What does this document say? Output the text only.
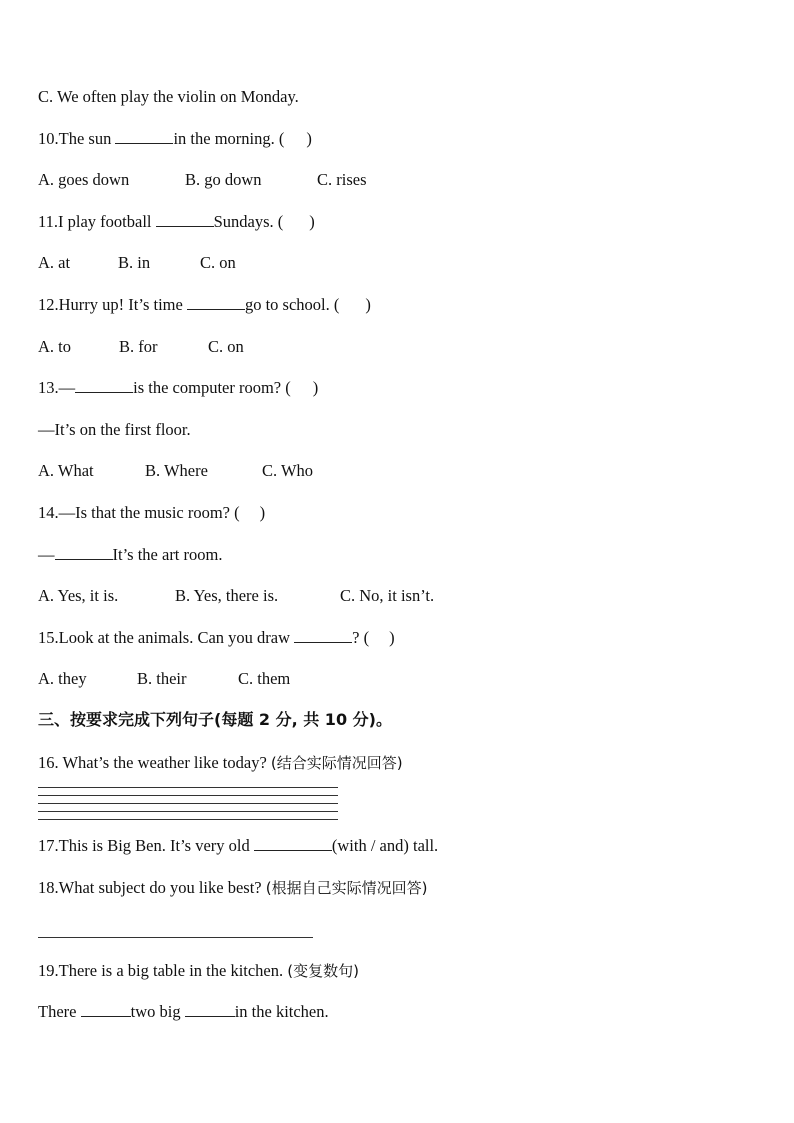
C. We often play the violin on Monday.
10.The sun	in the morning. ( )
A. goes down	B. go down	C. rises
11.I play football	Sundays. ( )
A. at	B. in	C. on
12.Hurry up! It’s time	go to school. ( )
A. to	B. for	C. on
13.—	is the computer room? ( )
—It’s on the first floor.
A. What	B. Where	C. Who
14.—Is that the music room? ( )
—	It’s the art room.
A. Yes, it is.	B. Yes, there is.	C. No, it isn’t.
15.Look at the animals. Can you draw	? ( )
A. they	B. their	C. them
三、按要求完成下列句子(每题 2 分, 共 10 分)。
16. What’s the weather like today? (结合实际情况回答)
17.This is Big Ben. It’s very old	(with / and) tall.
18.What subject do you like best? (根据自己实际情况回答)
19.There is a big table in the kitchen. (变复数句)
There	two big	in the kitchen.
